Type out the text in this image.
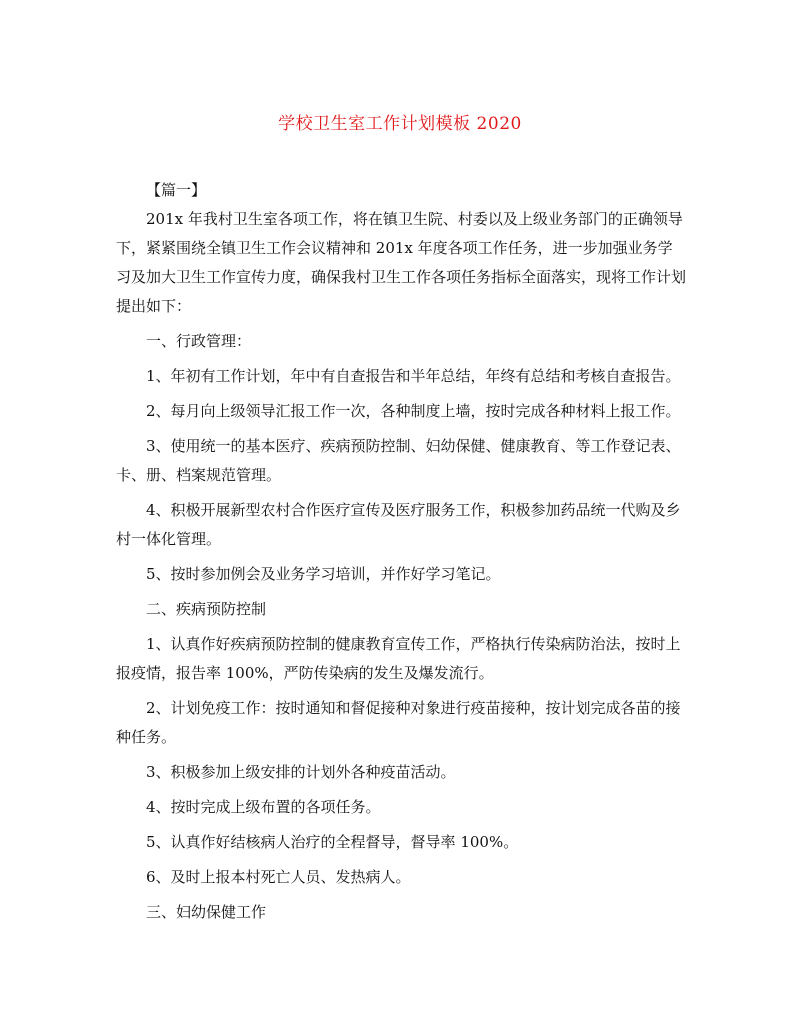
学校卫生室工作计划模板 2020

【篇一】

201x 年我村卫生室各项工作，将在镇卫生院、村委以及上级业务部门的正确领导下，紧紧围绕全镇卫生工作会议精神和 201x 年度各项工作任务，进一步加强业务学习及加大卫生工作宣传力度，确保我村卫生工作各项任务指标全面落实，现将工作计划提出如下：

一、行政管理：

1、年初有工作计划，年中有自查报告和半年总结，年终有总结和考核自查报告。

2、每月向上级领导汇报工作一次，各种制度上墙，按时完成各种材料上报工作。

3、使用统一的基本医疗、疾病预防控制、妇幼保健、健康教育、等工作登记表、卡、册、档案规范管理。

4、积极开展新型农村合作医疗宣传及医疗服务工作，积极参加药品统一代购及乡村一体化管理。

5、按时参加例会及业务学习培训，并作好学习笔记。

二、疾病预防控制

1、认真作好疾病预防控制的健康教育宣传工作，严格执行传染病防治法，按时上报疫情，报告率 100%，严防传染病的发生及爆发流行。

2、计划免疫工作：按时通知和督促接种对象进行疫苗接种，按计划完成各苗的接种任务。

3、积极参加上级安排的计划外各种疫苗活动。

4、按时完成上级布置的各项任务。

5、认真作好结核病人治疗的全程督导，督导率 100%。

6、及时上报本村死亡人员、发热病人。

三、妇幼保健工作
